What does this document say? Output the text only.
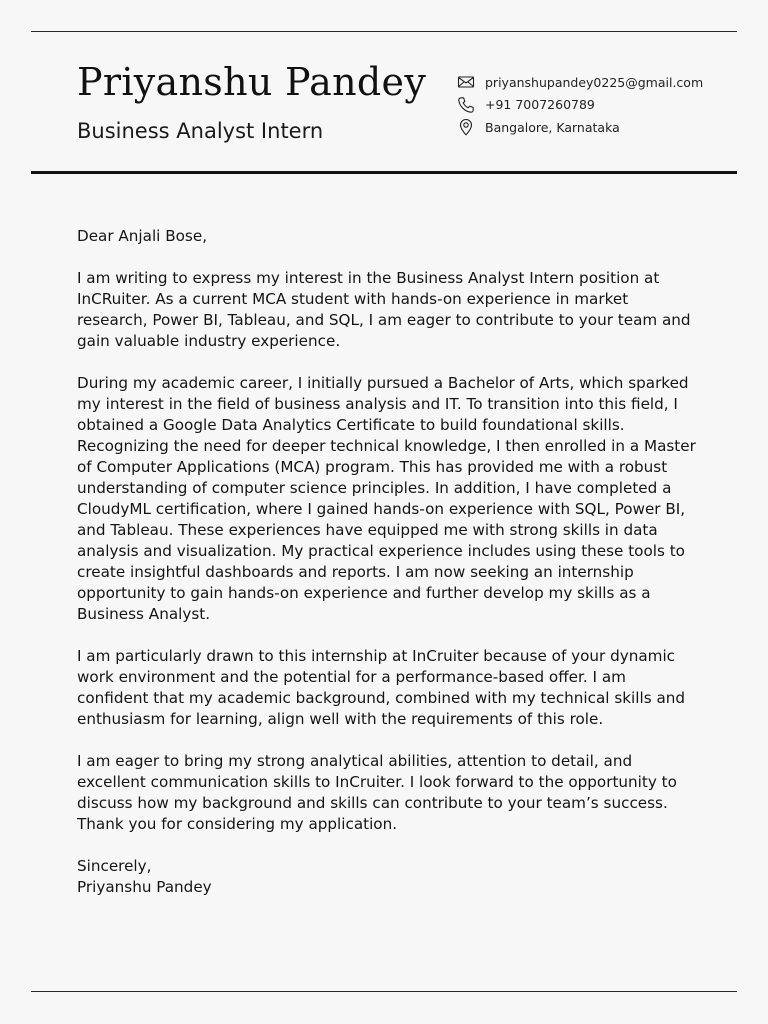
Priyanshu Pandey
Business Analyst Intern
priyanshupandey0225@gmail.com
+91 7007260789
Bangalore, Karnataka

Dear Anjali Bose,

I am writing to express my interest in the Business Analyst Intern position at InCRuiter. As a current MCA student with hands-on experience in market research, Power BI, Tableau, and SQL, I am eager to contribute to your team and gain valuable industry experience.

During my academic career, I initially pursued a Bachelor of Arts, which sparked my interest in the field of business analysis and IT. To transition into this field, I obtained a Google Data Analytics Certificate to build foundational skills. Recognizing the need for deeper technical knowledge, I then enrolled in a Master of Computer Applications (MCA) program. This has provided me with a robust understanding of computer science principles. In addition, I have completed a CloudyML certification, where I gained hands-on experience with SQL, Power BI, and Tableau. These experiences have equipped me with strong skills in data analysis and visualization. My practical experience includes using these tools to create insightful dashboards and reports. I am now seeking an internship opportunity to gain hands-on experience and further develop my skills as a Business Analyst.

I am particularly drawn to this internship at InCruiter because of your dynamic work environment and the potential for a performance-based offer. I am confident that my academic background, combined with my technical skills and enthusiasm for learning, align well with the requirements of this role.

I am eager to bring my strong analytical abilities, attention to detail, and excellent communication skills to InCruiter. I look forward to the opportunity to discuss how my background and skills can contribute to your team’s success. Thank you for considering my application.

Sincerely,

Priyanshu Pandey
